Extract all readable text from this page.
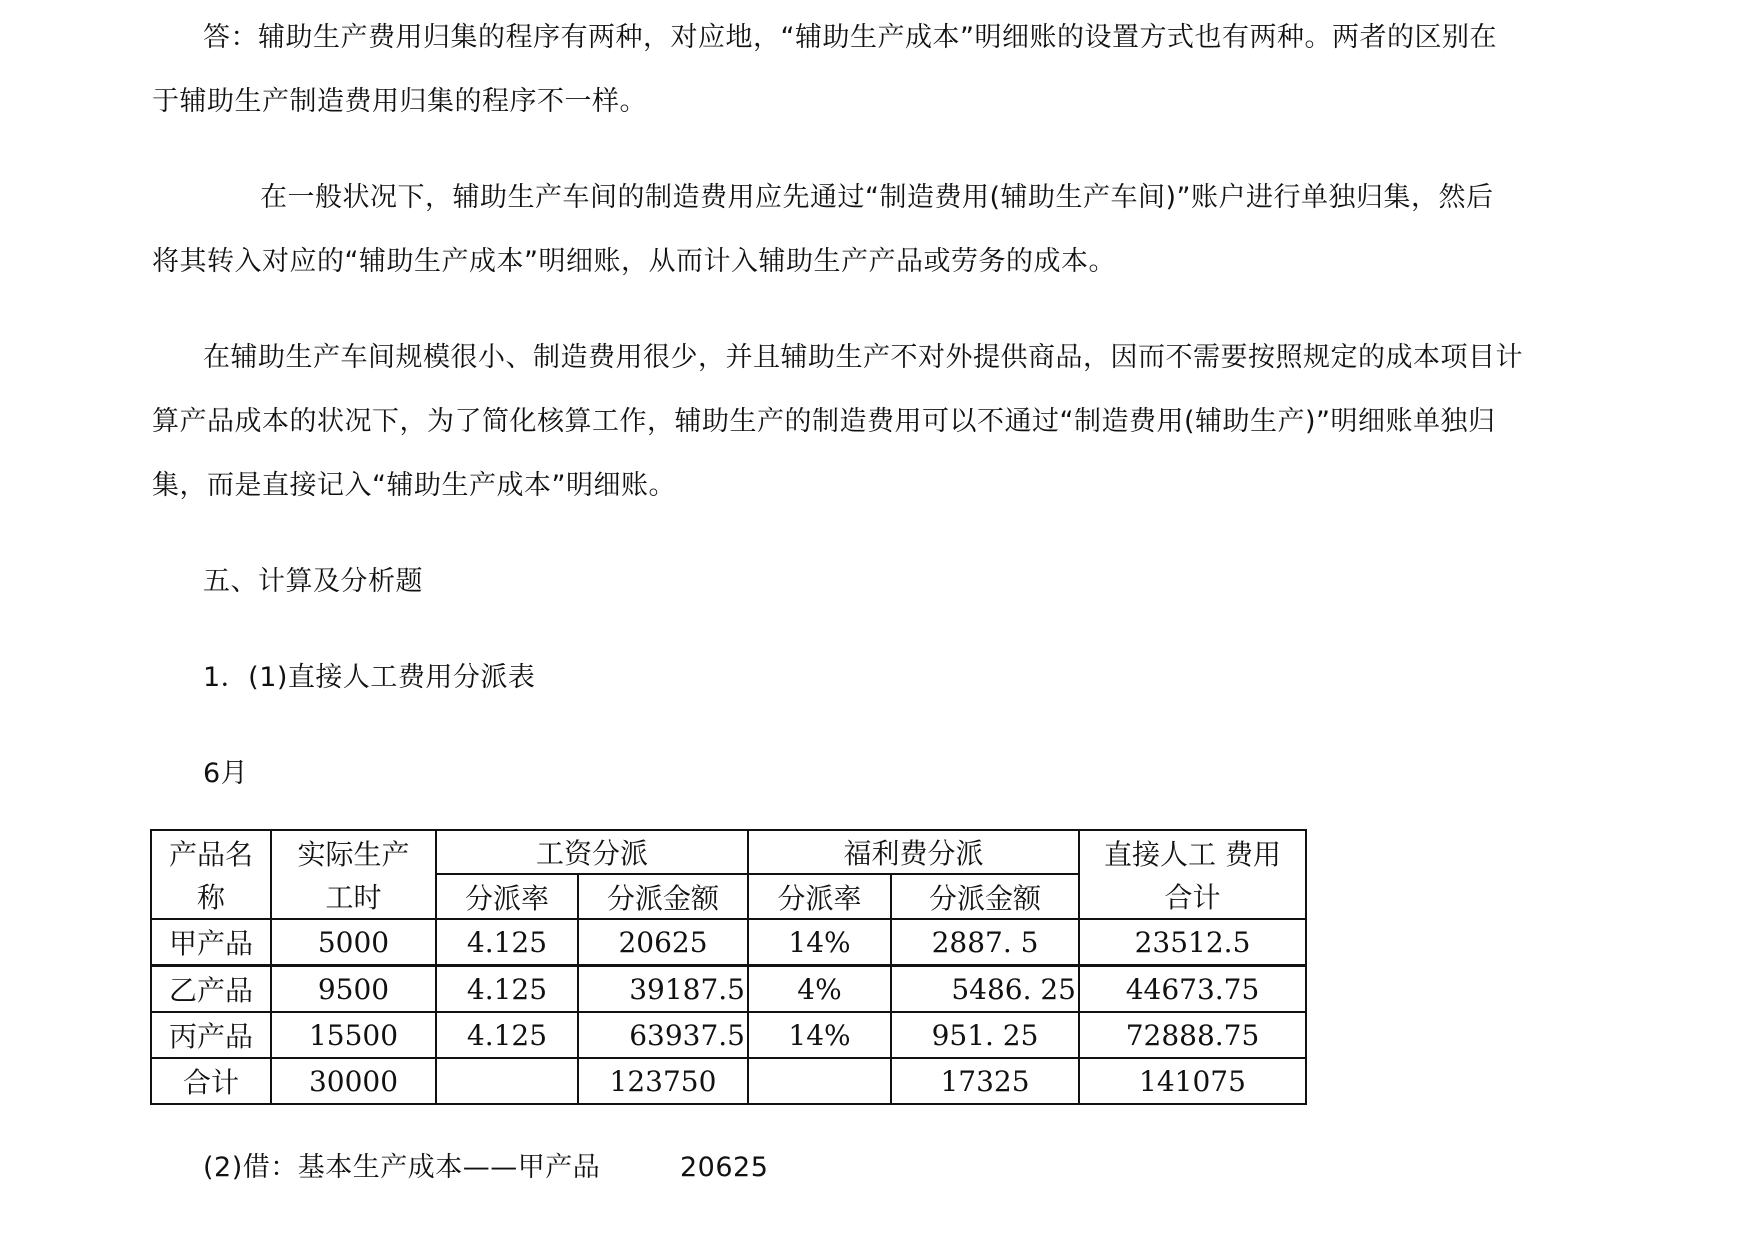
答：辅助生产费用归集的程序有两种，对应地，“辅助生产成本”明细账的设置方式也有两种。两者的区别在
于辅助生产制造费用归集的程序不一样。
在一般状况下，辅助生产车间的制造费用应先通过“制造费用(辅助生产车间)”账户进行单独归集，然后
将其转入对应的“辅助生产成本”明细账，从而计入辅助生产产品或劳务的成本。
在辅助生产车间规模很小、制造费用很少，并且辅助生产不对外提供商品，因而不需要按照规定的成本项目计
算产品成本的状况下，为了简化核算工作，辅助生产的制造费用可以不通过“制造费用(辅助生产)”明细账单独归
集，而是直接记入“辅助生产成本”明细账。
五、计算及分析题
1．(1)直接人工费用分派表
6月
产品名	实际生产	工资分派		福利费分派		直接人工 费用
称	工时	分派率	分派金额	分派率	分派金额	合计
甲产品	5000	4.125	20625	14%	2887. 5	23512.5
乙产品	9500	4.125	39187.5	4%	5486. 25	44673.75
丙产品	15500	4.125	63937.5	14%	951. 25	72888.75
合计	30000		123750		17325	141075
(2)借：基本生产成本——甲产品	20625
